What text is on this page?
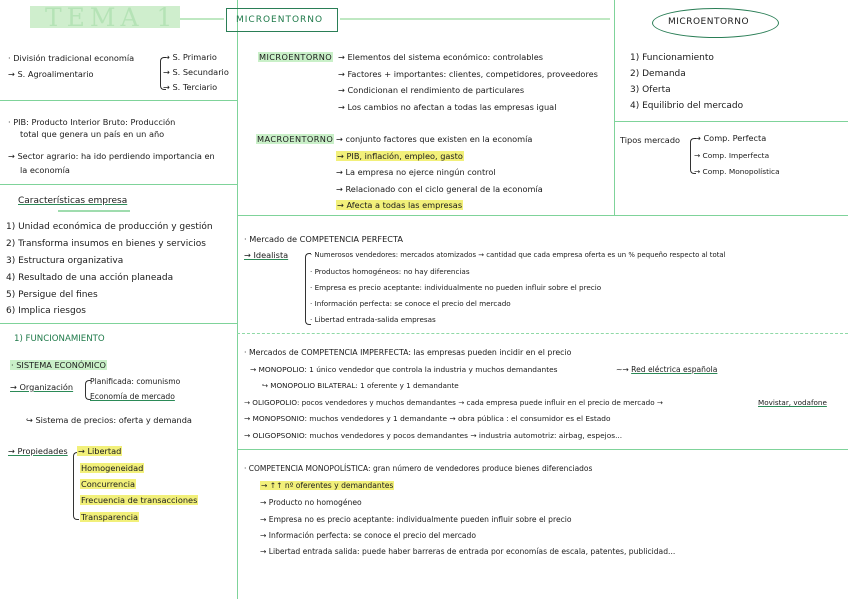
TEMA 1	MICROENTORNO	MICROENTORNO
1) Funcionamiento
2) Demanda
3) Oferta
4) Equilibrio del mercado
Tipos mercado → Comp. Perfecta
→ Comp. Imperfecta
→ Comp. Monopolística
· División tradicional economía
→ S. Agroalimentario
→ S. Primario
→ S. Secundario
→ S. Terciario
· PIB: Producto Interior Bruto: Producción
total que genera un país en un año
→ Sector agrario: ha ido perdiendo importancia en
la economía
Características empresa
1) Unidad económica de producción y gestión
2) Transforma insumos en bienes y servicios
3) Estructura organizativa
4) Resultado de una acción planeada
5) Persigue del fines
6) Implica riesgos
1) FUNCIONAMIENTO
· SISTEMA ECONÓMICO
→ Organización
Planificada: comunismo
Economía de mercado
↪ Sistema de precios: oferta y demanda
→ Propiedades → Libertad
Homogeneidad
Concurrencia
Frecuencia de transacciones
Transparencia
MICROENTORNO → Elementos del sistema económico: controlables
→ Factores + importantes: clientes, competidores, proveedores
→ Condicionan el rendimiento de particulares
→ Los cambios no afectan a todas las empresas igual
MACROENTORNO → conjunto factores que existen en la economía
→ PIB, inflación, empleo, gasto
→ La empresa no ejerce ningún control
→ Relacionado con el ciclo general de la economía
→ Afecta a todas las empresas
· Mercado de COMPETENCIA PERFECTA
→ Idealista	· Numerosos vendedores: mercados atomizados → cantidad que cada empresa oferta es un % pequeño respecto al total
· Productos homogéneos: no hay diferencias
· Empresa es precio aceptante: individualmente no pueden influir sobre el precio
· Información perfecta: se conoce el precio del mercado
· Libertad entrada-salida empresas
· Mercados de COMPETENCIA IMPERFECTA: las empresas pueden incidir en el precio
→ MONOPOLIO: 1 único vendedor que controla la industria y muchos demandantes	~→ Red eléctrica española
↪ MONOPOLIO BILATERAL: 1 oferente y 1 demandante
→ OLIGOPOLIO: pocos vendedores y muchos demandantes → cada empresa puede influir en el precio de mercado →	Movistar, vodafone
→ MONOPSONIO: muchos vendedores y 1 demandante → obra pública : el consumidor es el Estado
→ OLIGOPSONIO: muchos vendedores y pocos demandantes → industria automotriz: airbag, espejos...
· COMPETENCIA MONOPOLÍSTICA: gran número de vendedores produce bienes diferenciados
→ ↑↑ nº oferentes y demandantes
→ Producto no homogéneo
→ Empresa no es precio aceptante: individualmente pueden influir sobre el precio
→ Información perfecta: se conoce el precio del mercado
→ Libertad entrada salida: puede haber barreras de entrada por economías de escala, patentes, publicidad...
